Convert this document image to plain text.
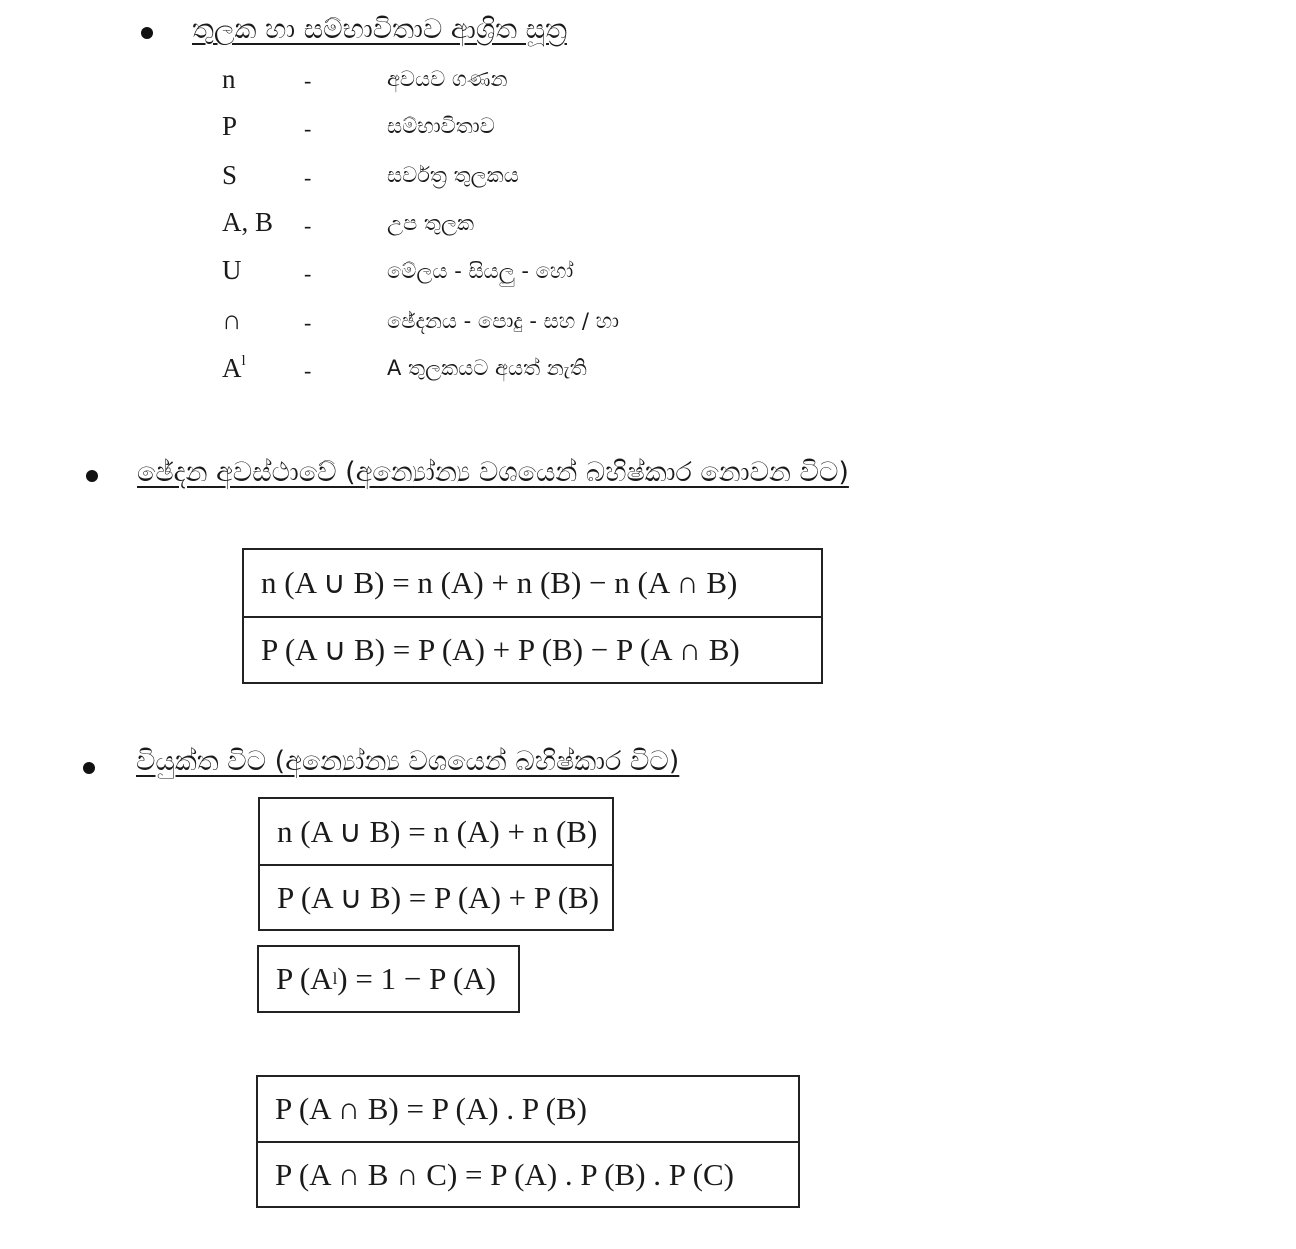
තුලක හා සම්භාවිතාව ආශ්‍රිත සූත්‍ර
n	-	අවයව ගණන
P	-	සම්භාවිතාව
S	-	සර්වත්‍ර තුලකය
A, B -	උප තුලක
U	-	මේලය - සියලු - හෝ
∩	-	ඡේදනය - පොදු - සහ / හා
$A^l$	-	A තුලකයට අයත් නැති
ඡේදන අවස්ථාවේ (අන්‍යෝන්‍ය වශයෙන් බහිෂ්කාර නොවන විට)
n (A ∪ B) = n (A) + n (B) − n (A ∩ B)
P (A ∪ B) = P (A) + P (B) − P (A ∩ B)
වියුක්ත විට (අන්‍යෝන්‍ය වශයෙන් බහිෂ්කාර විට)
n (A ∪ B) = n (A) + n (B)
P (A ∪ B) = P (A) + P (B)
P (A l ) = 1 − P (A)
P (A ∩ B) = P (A) . P (B)
P (A ∩ B ∩ C) = P (A) . P (B) . P (C)
